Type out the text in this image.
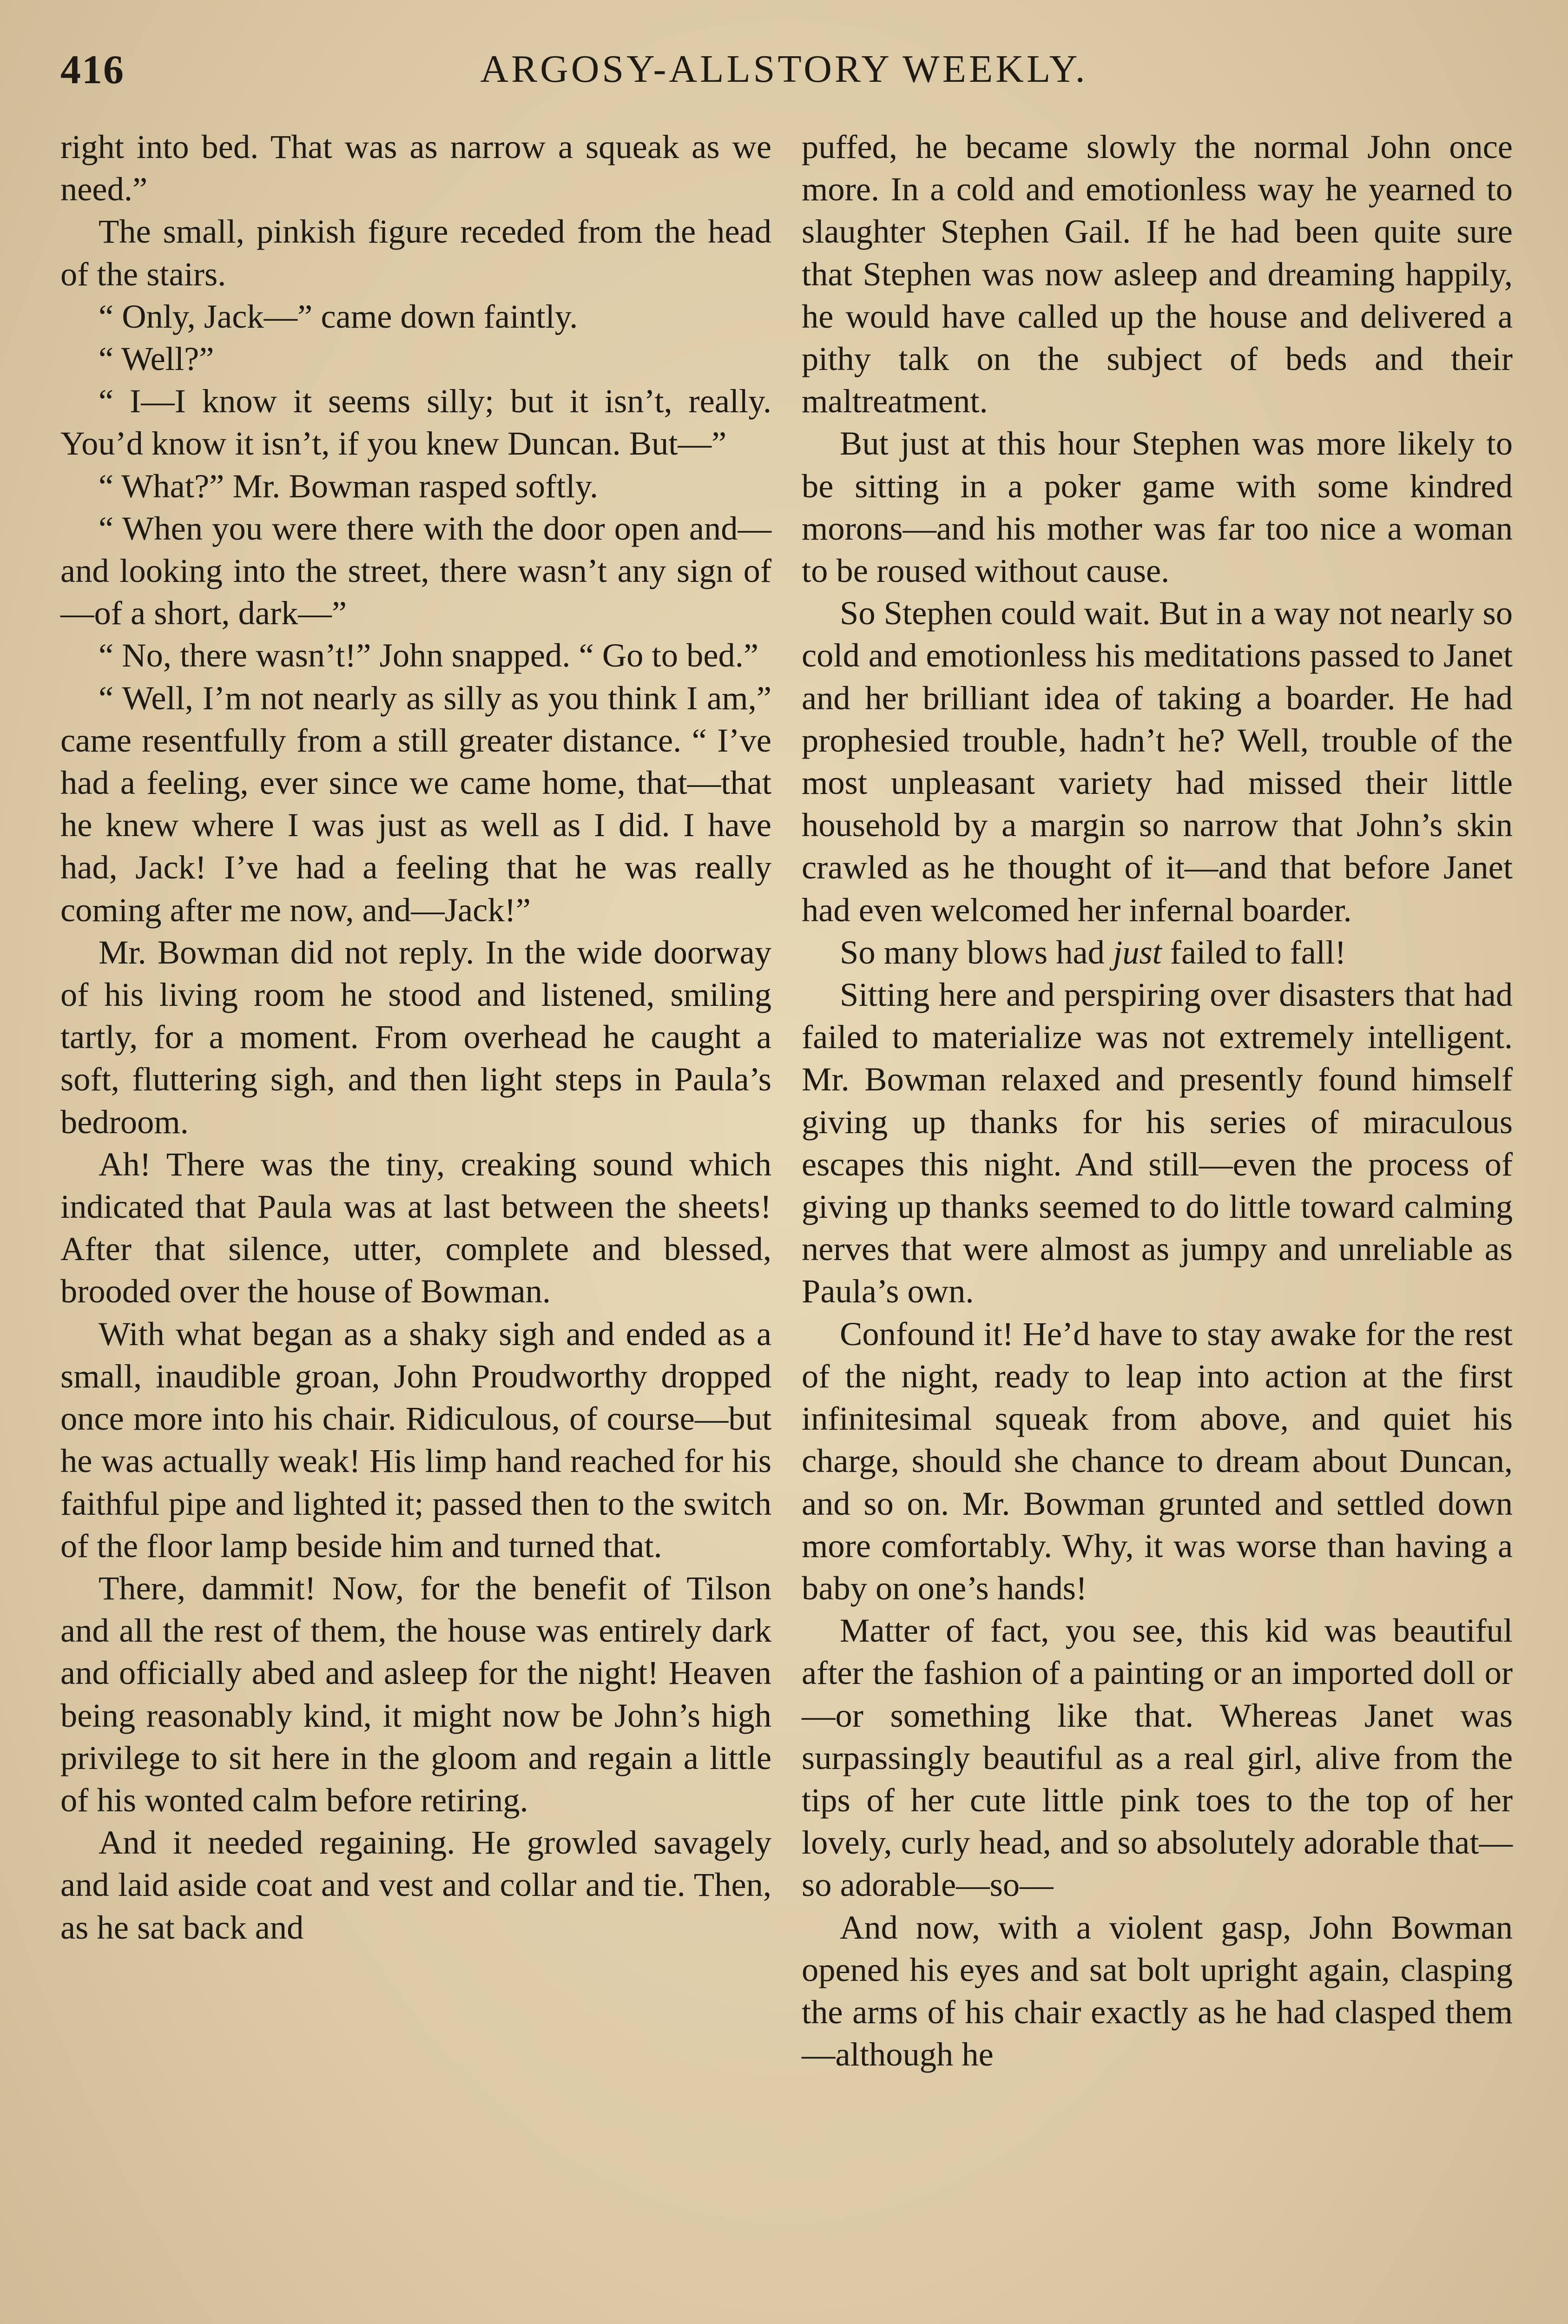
416	ARGOSY-ALLSTORY WEEKLY.

right into bed. That was as narrow a squeak as we need.”

The small, pinkish figure receded from the head of the stairs.

“ Only, Jack—” came down faintly.

“ Well?”

“ I—I know it seems silly; but it isn’t, really. You’d know it isn’t, if you knew Duncan. But—”

“ What?” Mr. Bowman rasped softly.

“ When you were there with the door open and—and looking into the street, there wasn’t any sign of—of a short, dark—”

“ No, there wasn’t!” John snapped. “ Go to bed.”

“ Well, I’m not nearly as silly as you think I am,” came resentfully from a still greater distance. “ I’ve had a feeling, ever since we came home, that—that he knew where I was just as well as I did. I have had, Jack! I’ve had a feeling that he was really coming after me now, and—Jack!”

Mr. Bowman did not reply. In the wide doorway of his living room he stood and listened, smiling tartly, for a moment. From overhead he caught a soft, fluttering sigh, and then light steps in Paula’s bedroom.

Ah! There was the tiny, creaking sound which indicated that Paula was at last between the sheets! After that silence, utter, complete and blessed, brooded over the house of Bowman.

With what began as a shaky sigh and ended as a small, inaudible groan, John Proudworthy dropped once more into his chair. Ridiculous, of course—but he was actually weak! His limp hand reached for his faithful pipe and lighted it; passed then to the switch of the floor lamp beside him and turned that.

There, dammit! Now, for the benefit of Tilson and all the rest of them, the house was entirely dark and officially abed and asleep for the night! Heaven being reasonably kind, it might now be John’s high privilege to sit here in the gloom and regain a little of his wonted calm before retiring.

And it needed regaining. He growled savagely and laid aside coat and vest and collar and tie. Then, as he sat back and

puffed, he became slowly the normal John once more. In a cold and emotionless way he yearned to slaughter Stephen Gail. If he had been quite sure that Stephen was now asleep and dreaming happily, he would have called up the house and delivered a pithy talk on the subject of beds and their maltreatment.

But just at this hour Stephen was more likely to be sitting in a poker game with some kindred morons—and his mother was far too nice a woman to be roused without cause.

So Stephen could wait. But in a way not nearly so cold and emotionless his meditations passed to Janet and her brilliant idea of taking a boarder. He had prophesied trouble, hadn’t he? Well, trouble of the most unpleasant variety had missed their little household by a margin so narrow that John’s skin crawled as he thought of it—and that before Janet had even welcomed her infernal boarder.

So many blows had just failed to fall!

Sitting here and perspiring over disasters that had failed to materialize was not extremely intelligent. Mr. Bowman relaxed and presently found himself giving up thanks for his series of miraculous escapes this night. And still—even the process of giving up thanks seemed to do little toward calming nerves that were almost as jumpy and unreliable as Paula’s own.

Confound it! He’d have to stay awake for the rest of the night, ready to leap into action at the first infinitesimal squeak from above, and quiet his charge, should she chance to dream about Duncan, and so on. Mr. Bowman grunted and settled down more comfortably. Why, it was worse than having a baby on one’s hands!

Matter of fact, you see, this kid was beautiful after the fashion of a painting or an imported doll or—or something like that. Whereas Janet was surpassingly beautiful as a real girl, alive from the tips of her cute little pink toes to the top of her lovely, curly head, and so absolutely adorable that—so adorable—so—

And now, with a violent gasp, John Bowman opened his eyes and sat bolt upright again, clasping the arms of his chair exactly as he had clasped them—although he
